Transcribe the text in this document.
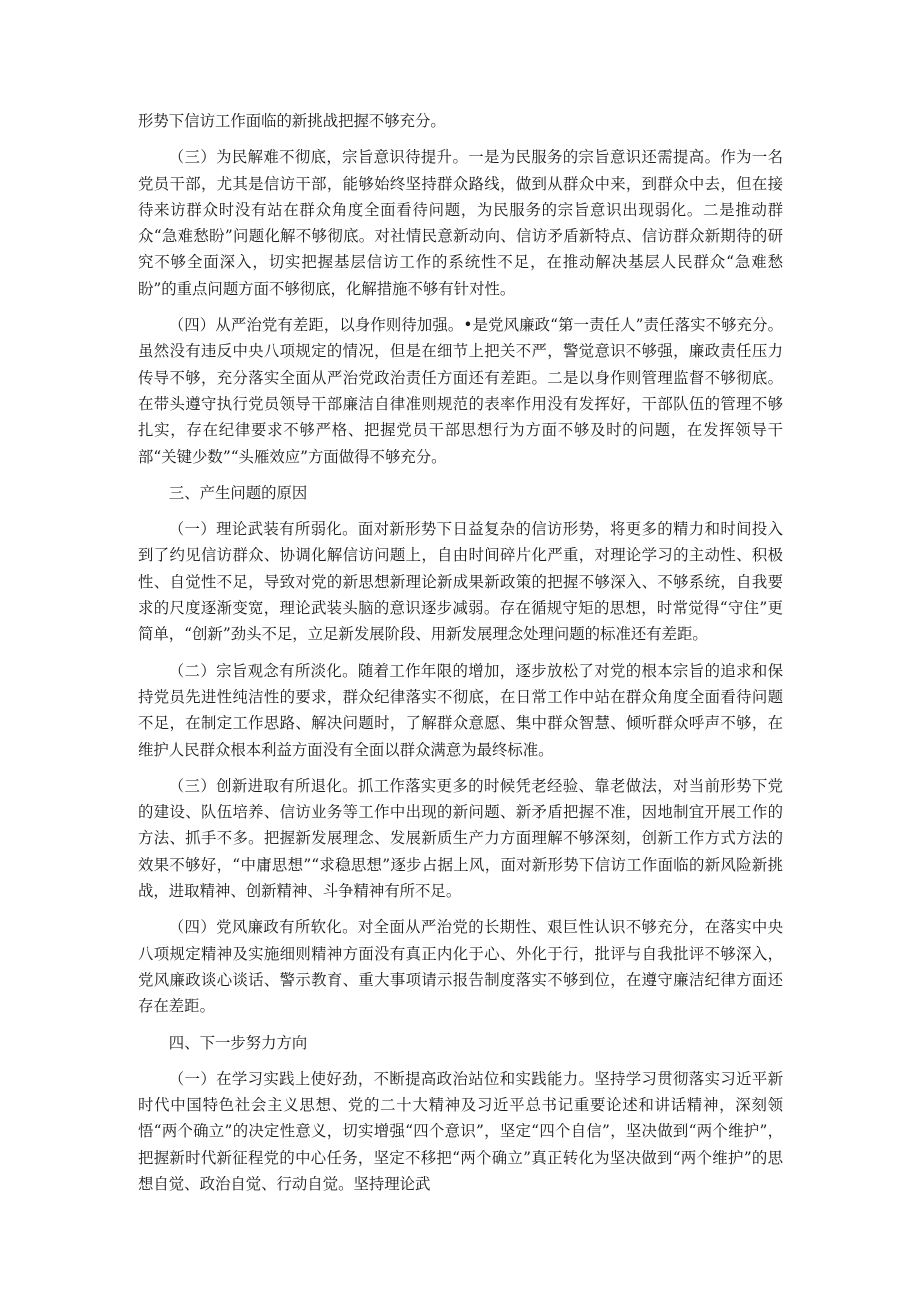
形势下信访工作面临的新挑战把握不够充分。

（三）为民解难不彻底，宗旨意识待提升。一是为民服务的宗旨意识还需提高。作为一名党员干部，尤其是信访干部，能够始终坚持群众路线，做到从群众中来，到群众中去，但在接待来访群众时没有站在群众角度全面看待问题，为民服务的宗旨意识出现弱化。二是推动群众“急难愁盼”问题化解不够彻底。对社情民意新动向、信访矛盾新特点、信访群众新期待的研究不够全面深入，切实把握基层信访工作的系统性不足，在推动解决基层人民群众“急难愁盼”的重点问题方面不够彻底，化解措施不够有针对性。

（四）从严治党有差距，以身作则待加强。•是党风廉政“第一责任人”责任落实不够充分。虽然没有违反中央八项规定的情况，但是在细节上把关不严，警觉意识不够强，廉政责任压力传导不够，充分落实全面从严治党政治责任方面还有差距。二是以身作则管理监督不够彻底。在带头遵守执行党员领导干部廉洁自律准则规范的表率作用没有发挥好，干部队伍的管理不够扎实，存在纪律要求不够严格、把握党员干部思想行为方面不够及时的问题，在发挥领导干部“关键少数”“头雁效应”方面做得不够充分。

三、产生问题的原因

（一）理论武装有所弱化。面对新形势下日益复杂的信访形势，将更多的精力和时间投入到了约见信访群众、协调化解信访问题上，自由时间碎片化严重，对理论学习的主动性、积极性、自觉性不足，导致对党的新思想新理论新成果新政策的把握不够深入、不够系统，自我要求的尺度逐渐变宽，理论武装头脑的意识逐步减弱。存在循规守矩的思想，时常觉得“守住”更简单，“创新”劲头不足，立足新发展阶段、用新发展理念处理问题的标准还有差距。

（二）宗旨观念有所淡化。随着工作年限的增加，逐步放松了对党的根本宗旨的追求和保持党员先进性纯洁性的要求，群众纪律落实不彻底，在日常工作中站在群众角度全面看待问题不足，在制定工作思路、解决问题时，了解群众意愿、集中群众智慧、倾听群众呼声不够，在维护人民群众根本利益方面没有全面以群众满意为最终标准。

（三）创新进取有所退化。抓工作落实更多的时候凭老经验、靠老做法，对当前形势下党的建设、队伍培养、信访业务等工作中出现的新问题、新矛盾把握不准，因地制宜开展工作的方法、抓手不多。把握新发展理念、发展新质生产力方面理解不够深刻，创新工作方式方法的效果不够好，“中庸思想”“求稳思想”逐步占据上风，面对新形势下信访工作面临的新风险新挑战，进取精神、创新精神、斗争精神有所不足。

（四）党风廉政有所软化。对全面从严治党的长期性、艰巨性认识不够充分，在落实中央八项规定精神及实施细则精神方面没有真正内化于心、外化于行，批评与自我批评不够深入，党风廉政谈心谈话、警示教育、重大事项请示报告制度落实不够到位，在遵守廉洁纪律方面还存在差距。

四、下一步努力方向

（一）在学习实践上使好劲，不断提高政治站位和实践能力。坚持学习贯彻落实习近平新时代中国特色社会主义思想、党的二十大精神及习近平总书记重要论述和讲话精神，深刻领悟“两个确立”的决定性意义，切实增强“四个意识”，坚定“四个自信”，坚决做到“两个维护”，把握新时代新征程党的中心任务，坚定不移把“两个确立”真正转化为坚决做到“两个维护”的思想自觉、政治自觉、行动自觉。坚持理论武
